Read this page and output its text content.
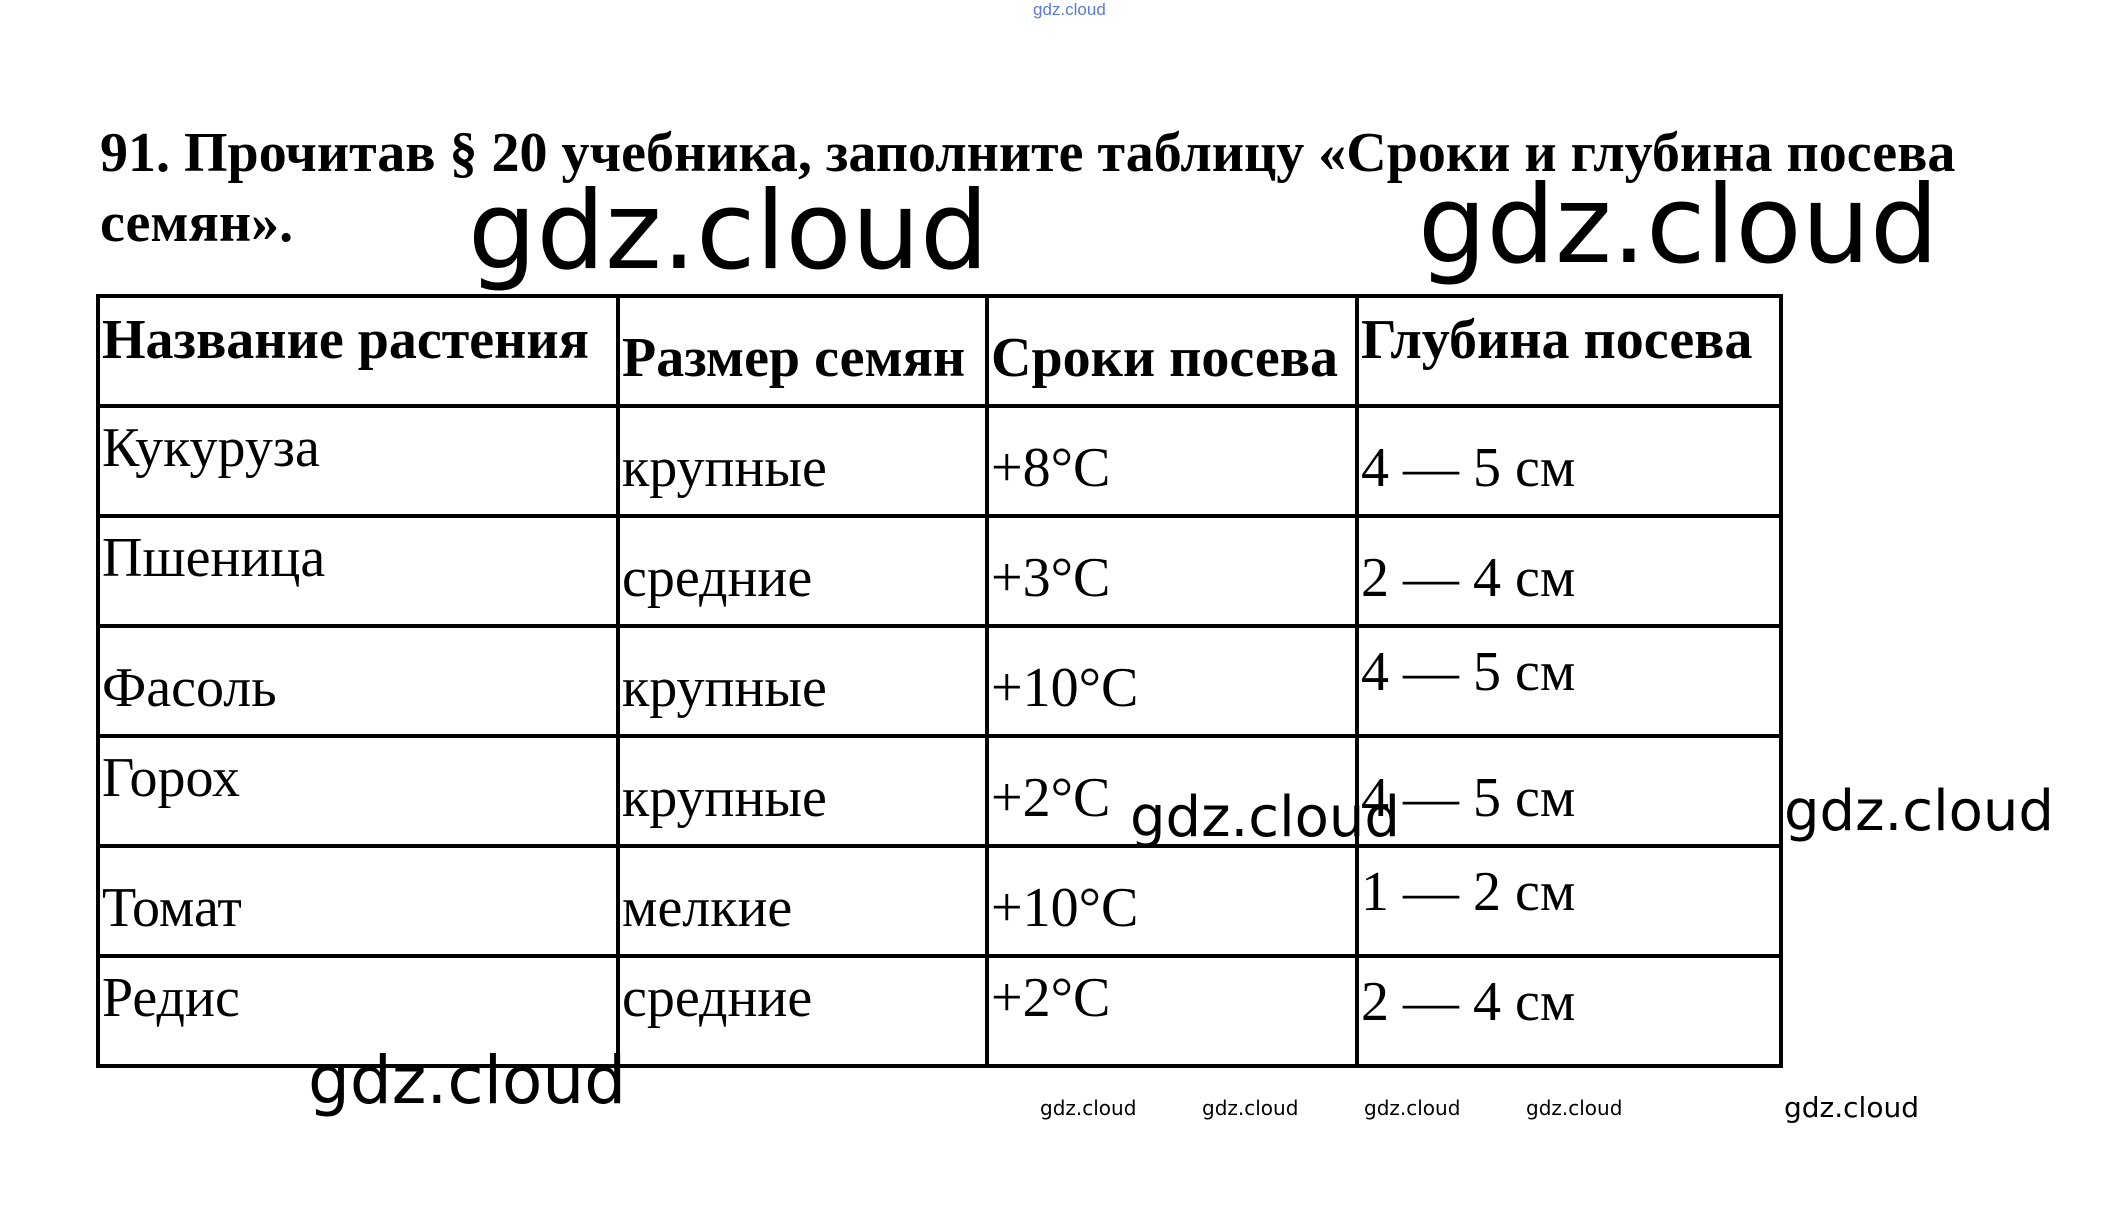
gdz.cloud

91. Прочитав § 20 учебника, заполните таблицу «Сроки и глубина посева семян».	gdz.cloud	gdz.cloud
Название растения	Размер семян	Сроки посева	Глубина посева
Кукуруза	крупные	+8°С	4 — 5 см
Пшеница	средние	+3°С	2 — 4 см
Фасоль	крупные	+10°С	4 — 5 см
Горох	крупные	+2°С	4 — 5 см
Томат	мелкие	+10°С	1 — 2 см
Редис	средние	+2°С	2 — 4 см
gdz.cloud	gdz.cloud
gdz.cloud	gdz.cloud	gdz.cloud	gdz.cloud	gdz.cloud	gdz.cloud
